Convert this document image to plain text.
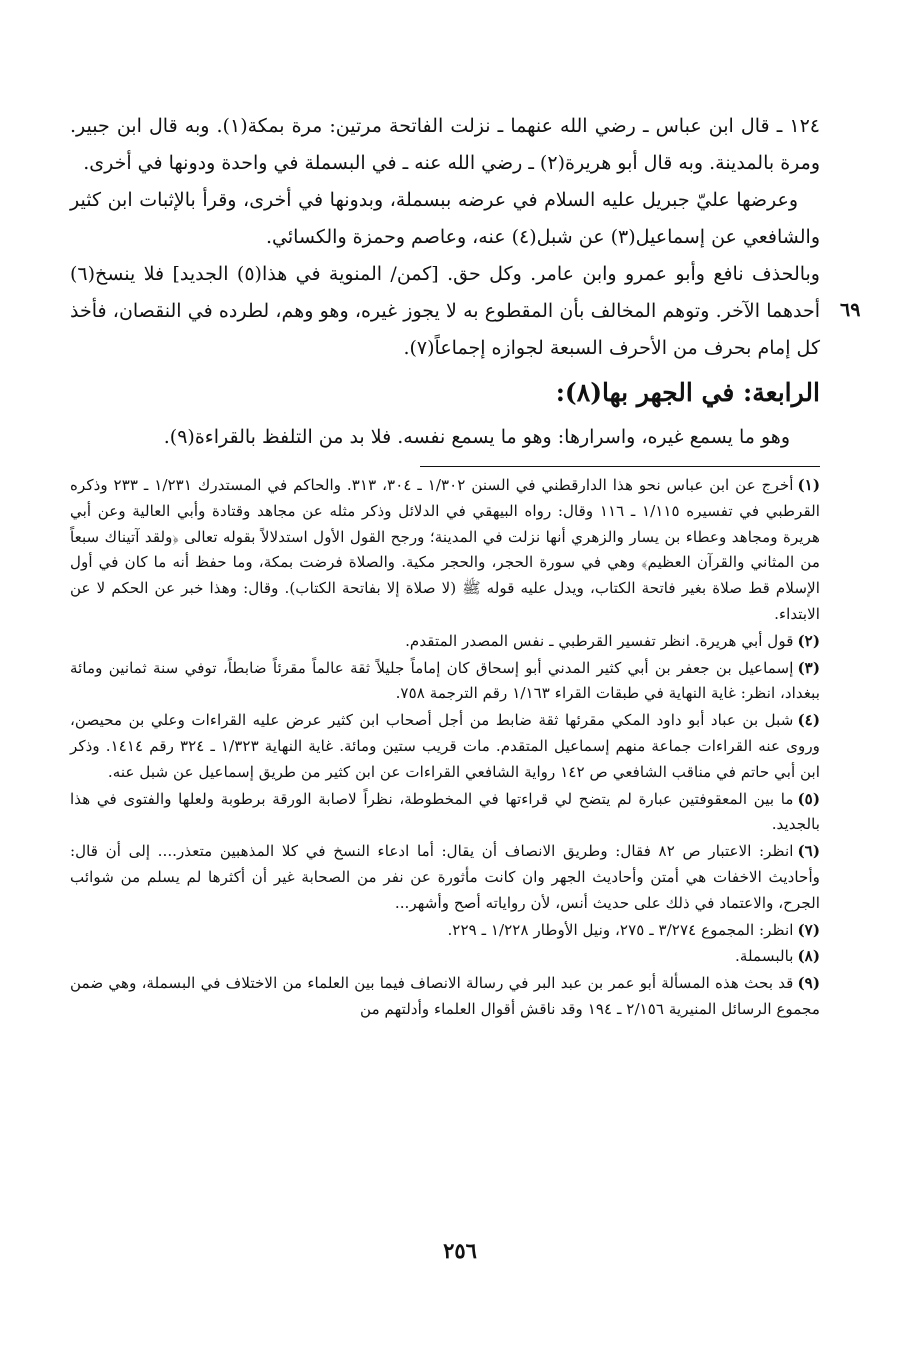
٦٩

١٢٤ ـ قال ابن عباس ـ رضي الله عنهما ـ نزلت الفاتحة مرتين: مرة بمكة(١). وبه قال ابن جبير. ومرة بالمدينة. وبه قال أبو هريرة(٢) ـ رضي الله عنه ـ في البسملة في واحدة ودونها في أخرى.

وعرضها عليّ جبريل عليه السلام في عرضه ببسملة، وبدونها في أخرى، وقرأ بالإثبات ابن كثير والشافعي عن إسماعيل(٣) عن شبل(٤) عنه، وعاصم وحمزة والكسائي.

وبالحذف نافع وأبو عمرو وابن عامر. وكل حق. [كمن/ المنوية في هذا(٥) الجديد] فلا ينسخ(٦) أحدهما الآخر. وتوهم المخالف بأن المقطوع به لا يجوز غيره، وهو وهم، لطرده في النقصان، فأخذ كل إمام بحرف من الأحرف السبعة لجوازه إجماعاً(٧).

الرابعة: في الجهر بها(٨):

وهو ما يسمع غيره، واسرارها: وهو ما يسمع نفسه. فلا بد من التلفظ بالقراءة(٩).

(١)أخرج عن ابن عباس نحو هذا الدارقطني في السنن ١/٣٠٢ ـ ٣٠٤، ٣١٣. والحاكم في المستدرك ١/٢٣١ ـ ٢٣٣ وذكره القرطبي في تفسيره ١/١١٥ ـ ١١٦ وقال: رواه البيهقي في الدلائل وذكر مثله عن مجاهد وقتادة وأبي العالية وعن أبي هريرة ومجاهد وعطاء بن يسار والزهري أنها نزلت في المدينة؛ ورجح القول الأول استدلالاً بقوله تعالى ﴿ولقد آتيناك سبعاً من المثاني والقرآن العظيم﴾ وهي في سورة الحجر، والحجر مكية. والصلاة فرضت بمكة، وما حفظ أنه ما كان في أول الإسلام قط صلاة بغير فاتحة الكتاب، ويدل عليه قوله ﷺ (لا صلاة إلا بفاتحة الكتاب). وقال: وهذا خبر عن الحكم لا عن الابتداء.
(٢)قول أبي هريرة. انظر تفسير القرطبي ـ نفس المصدر المتقدم.
(٣)إسماعيل بن جعفر بن أبي كثير المدني أبو إسحاق كان إماماً جليلاً ثقة عالماً مقرئاً ضابطاً، توفي سنة ثمانين ومائة ببغداد، انظر: غاية النهاية في طبقات القراء ١/١٦٣ رقم الترجمة ٧٥٨.
(٤)شبل بن عباد أبو داود المكي مقرئها ثقة ضابط من أجل أصحاب ابن كثير عرض عليه القراءات وعلي بن محيصن، وروى عنه القراءات جماعة منهم إسماعيل المتقدم. مات قريب ستين ومائة. غاية النهاية ١/٣٢٣ ـ ٣٢٤ رقم ١٤١٤. وذكر ابن أبي حاتم في مناقب الشافعي ص ١٤٢ رواية الشافعي القراءات عن ابن كثير من طريق إسماعيل عن شبل عنه.
(٥)ما بين المعقوفتين عبارة لم يتضح لي قراءتها في المخطوطة، نظراً لاصابة الورقة برطوبة ولعلها والفتوى في هذا بالجديد.
(٦)انظر: الاعتبار ص ٨٢ فقال: وطريق الانصاف أن يقال: أما ادعاء النسخ في كلا المذهبين متعذر.... إلى أن قال: وأحاديث الاخفات هي أمتن وأحاديث الجهر وان كانت مأثورة عن نفر من الصحابة غير أن أكثرها لم يسلم من شوائب الجرح، والاعتماد في ذلك على حديث أنس، لأن رواياته أصح وأشهر...
(٧)انظر: المجموع ٣/٢٧٤ ـ ٢٧٥، ونيل الأوطار ١/٢٢٨ ـ ٢٢٩.
(٨)بالبسملة.
(٩)قد بحث هذه المسألة أبو عمر بن عبد البر في رسالة الانصاف فيما بين العلماء من الاختلاف في البسملة، وهي ضمن مجموع الرسائل المنيرية ٢/١٥٦ ـ ١٩٤ وقد ناقش أقوال العلماء وأدلتهم من
٢٥٦
